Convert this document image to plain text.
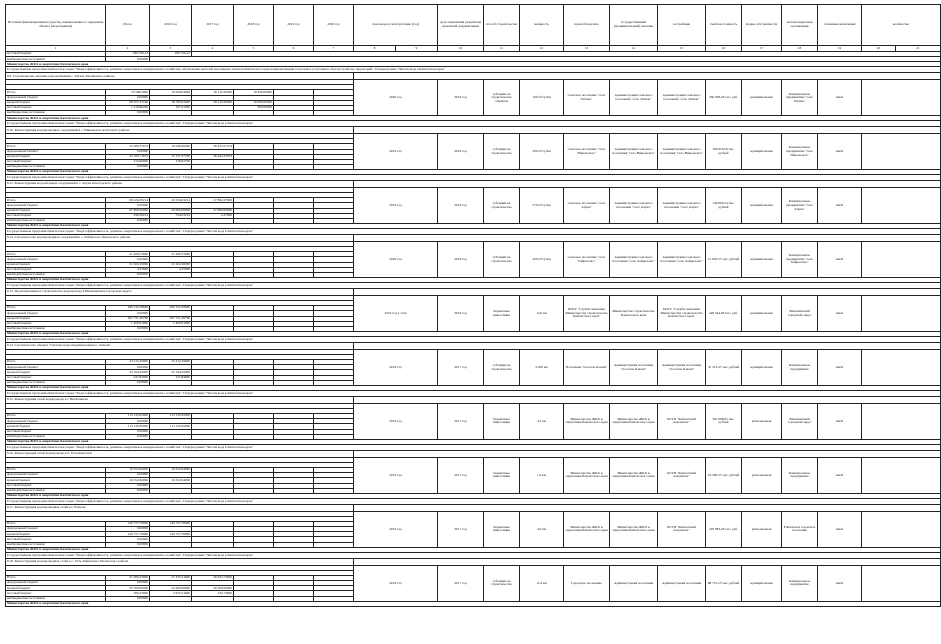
Источник финансирования (средств), наименование и содержание объекта (мероприятия)	Итого	2016 год	2017 год	2018 год	2019 год	2020 год	срок ввода в эксплуатацию (год)		срок завершения разработки проектной документации	способ строительства	мощность	правообладатель	государственный (муниципальный) заказчик	застройщик	сметная стоимость	форма собственности	эксплуатирующая организация	основание включения	количество	
1	2	3	4	5	6	7	8	9	10	11	12	13	14	15	16	17	18	19	20	21
местный бюджет	180 556,12	180 556,12																		
внебюджетные источники	0,00000																			
Министерство ЖКХ и энергетики Камчатского края																				
Государственная программа Камчатского края "Энергоэффективность, развитие энергетики и коммунального хозяйства, обеспечение жителей населенных пунктов Камчатского края коммунальными услугами и услугами по благоустройству территорий". Подпрограмма "Чистая вода в Камчатском крае"																				
8.9. Строительство системы водоснабжения с. Тигиль Тигильского района																				
							2020 год		2018 год	субсидии на строительство объектов	100 м³/сутки	Сельское поселение "село Тигиль"	Администрация сельского поселения "село Тигиль"	Администрация сельского поселения "село Тигиль"	450 958,26 тыс. руб.	муниципальная	Коммунальное предприятие "село Тигиль"	иной		

Итого	70 568,2000	19 028,04600	30 110,20000	10 830,00000																
федеральный бюджет	0,00000																			
краевой бюджет	69 357,33740	18 700,63400	30 110,20000	10 000,00000																
местный бюджет	1 210,86260	327,41200		830,00000																
внебюджетные источники	0,00000																			
Министерство ЖКХ и энергетики Камчатского края																				
Государственная программа Камчатского края "Энергоэффективность, развитие энергетики и коммунального хозяйства". Подпрограмма "Чистая вода в Камчатском крае"																				
8.10. Реконструкция водопроводных сооружений в с. Никольское Алеутского района																				
							2019 год		2018 год	субсидии на строительство	500 м³/сутки	Сельское поселение "село Никольское"	Администрация сельского поселения "село Никольское"	Администрация сельского поселения "село Никольское"	169 918,56 тыс. рублей	муниципальная	Коммунальное предприятие "село Никольское"	иной		

Итого	52 483,37674	16 046,30400	36 437,07274																	
федеральный бюджет	0,00000																			
краевой бюджет	52 169,71674	15 727,37700	36 442,33974																	
местный бюджет	313,66000	318,92700																		
внебюджетные источники	0,00000																			
Министерство ЖКХ и энергетики Камчатского края																				
Государственная программа Камчатского края "Энергоэффективность, развитие энергетики и коммунального хозяйства". Подпрограмма "Чистая вода в Камчатском крае"																				
8.11. Реконструкция водозаборных сооружений в с. Апука Олюторского района																				
							2019 год		2018 год	субсидии на строительство	270 м³/сутки	Сельское поселение "село Апука"	Администрация сельского поселения "село Апука"	Администрация сельского поселения "село Апука"	140 600,24 тыс. рублей	муниципальная	Коммунальное предприятие "село Апука"	иной		

Итого	68 426,30214	20 534,03214	27 892,27000																	
федеральный бюджет	0,00000																			
краевой бюджет	67 890,00000	20 000,00000	27 890,00000																	
местный бюджет	536,30214	534,03214	2,27000																	
внебюджетные источники	0,00000																			
Министерство ЖКХ и энергетики Камчатского края																				
Государственная программа Камчатского края "Энергоэффективность, развитие энергетики и коммунального хозяйства". Подпрограмма "Чистая вода в Камчатском крае"																				
8.12. Строительство водопроводных сооружений в с. Хайрюзово Тигильского района																				
							2020 год		2018 год	субсидии на строительство	200 м³/сутки	Сельское поселение "село Хайрюзово"	Администрация сельского поселения "село Хайрюзово"	Администрация сельского поселения "село Хайрюзово"	21 626,57 тыс. рублей	муниципальная	Коммунальное предприятие "село Хайрюзово"	иной		

Итого	21 626,55660	21 626,55660																		
федеральный бюджет	0,00000																			
краевой бюджет	21 622,20000	21 622,20000																		
местный бюджет	4,35660	4,35660																		
внебюджетные источники	0,00000																			
Министерство ЖКХ и энергетики Камчатского края																				
Государственная программа Камчатского края "Энергоэффективность, развитие энергетики и коммунального хозяйства". Подпрограмма "Чистая вода в Камчатском крае"																				
8.13. Проектирование и строительство водопровода в Вилючинском городском округе																				
							2019 год 2 этап		2018 год	бюджетные инвестиции	12,0 км	КГКУ "Служба заказчика Министерства строительства Камчатского края"	Министерство строительства Камчатского края	КГКУ "Служба заказчика Министерства строительства Камчатского края"	426 544,96 тыс. руб.	муниципальная	Вилючинский городской округ	иной		

Итого	299 132,28660	299 132,28660																		
федеральный бюджет	0,00000																			
краевой бюджет	297 731,36760	297 731,36760																		
местный бюджет	1 400,91900	1 400,91900																		
внебюджетные источники	0,00000																			
Министерство ЖКХ и энергетики Камчатского края																				
Государственная программа Камчатского края "Энергоэффективность, развитие энергетики и коммунального хозяйства". Подпрограмма "Чистая вода в Камчатском крае"																				
8.14. Строительство объекта "Система водоотведения района с. Ключи"																				
							2018 год		2017 год	субсидии на строительство	2,050 км	Поселение "поселок Ключи"	Администрация поселения "поселок Ключи"	Администрация поселения "поселок Ключи"	35 512,47 тыс. рублей	муниципальная	Коммунальное предприятие	иной		

Итого	23 412,29000	23 412,29000																		
федеральный бюджет	0,00000																			
краевой бюджет	23 164,45000	23 164,45000																		
местный бюджет	247,84000	247,84000																		
внебюджетные источники	0,00000																			
Министерство ЖКХ и энергетики Камчатского края																				
Государственная программа Камчатского края "Энергоэффективность, развитие энергетики и коммунального хозяйства". Подпрограмма "Чистая вода в Камчатском крае"																				
8.15. Реконструкция сетей водопровода в г. Вилючинске																				
							2019 год		2017 год	бюджетные инвестиции	4,5 км	Министерство ЖКХ и энергетики Камчатского края	Министерство ЖКХ и энергетики Камчатского края	КГУП "Камчатский водоканал"	361 698,82 тыс. рублей	региональная	Вилючинский городской округ	иной		

Итого	113 145,65000	113 145,65000																		
федеральный бюджет	0,00000																			
краевой бюджет	113 145,65000	113 145,65000																		
местный бюджет	0,00000																			
внебюджетные источники	0,00000																			
Министерство ЖКХ и энергетики Камчатского края																				
Государственная программа Камчатского края "Энергоэффективность, развитие энергетики и коммунального хозяйства". Подпрограмма "Чистая вода в Камчатском крае"																				
8.16. Реконструкция сетей водопровода в п. Усть-Камчатск																				
							2019 год		2017 год	бюджетные инвестиции	1,9 км	Министерство ЖКХ и энергетики Камчатского края	Министерство ЖКХ и энергетики Камчатского края	КГУП "Камчатский водоканал"	16 260,37 тыс. рублей	региональная	Коммунальное предприятие	иной		

Итого	16 252,64000	16 252,64000																		
федеральный бюджет	0,00000																			
краевой бюджет	16 252,64000	16 252,64000																		
местный бюджет	0,00000																			
внебюджетные источники	0,00000																			
Министерство ЖКХ и энергетики Камчатского края																				
Государственная программа Камчатского края "Энергоэффективность, развитие энергетики и коммунального хозяйства". Подпрограмма "Чистая вода в Камчатском крае"																				
8.17. Реконструкция водопроводных сетей в г. Елизово																				
							2019 год		2017 год	бюджетные инвестиции	4,0 км	Министерство ЖКХ и энергетики Камчатского края	Министерство ЖКХ и энергетики Камчатского края	КГУП "Камчатский водоканал"	205 983,46 тыс. руб.	региональная	Елизовское городское поселение	иной		

Итого	149 727,76000	149 727,76000																		
федеральный бюджет	0,00000																			
краевой бюджет	149 727,76000	149 727,76000																		
местный бюджет	0,00000																			
внебюджетные источники	0,00000																			
Министерство ЖКХ и энергетики Камчатского края																				
Государственная программа Камчатского края "Энергоэффективность, развитие энергетики и коммунального хозяйства". Подпрограмма "Чистая вода в Камчатском крае"																				
8.18. Реконструкция водопроводных сетей в с. Усть-Хайрюзово Тигильского района																				
							2018 год		2017 год	субсидии на строительство	12,4 км	Городское поселение	Администрация поселения	Администрация поселения	88 731,55 тыс. рублей	муниципальная	Коммунальное предприятие	иной		

Итого	51 006,23900	27 355,31600	26 632,73600																	
федеральный бюджет	0,00000																			
краевой бюджет	50 700,00000	24 400,00000	26 300,00000																	
местный бюджет	306,23900	2 955,31600	332,73600																	
внебюджетные источники	0,00000																			
Министерство ЖКХ и энергетики Камчатского края																				
